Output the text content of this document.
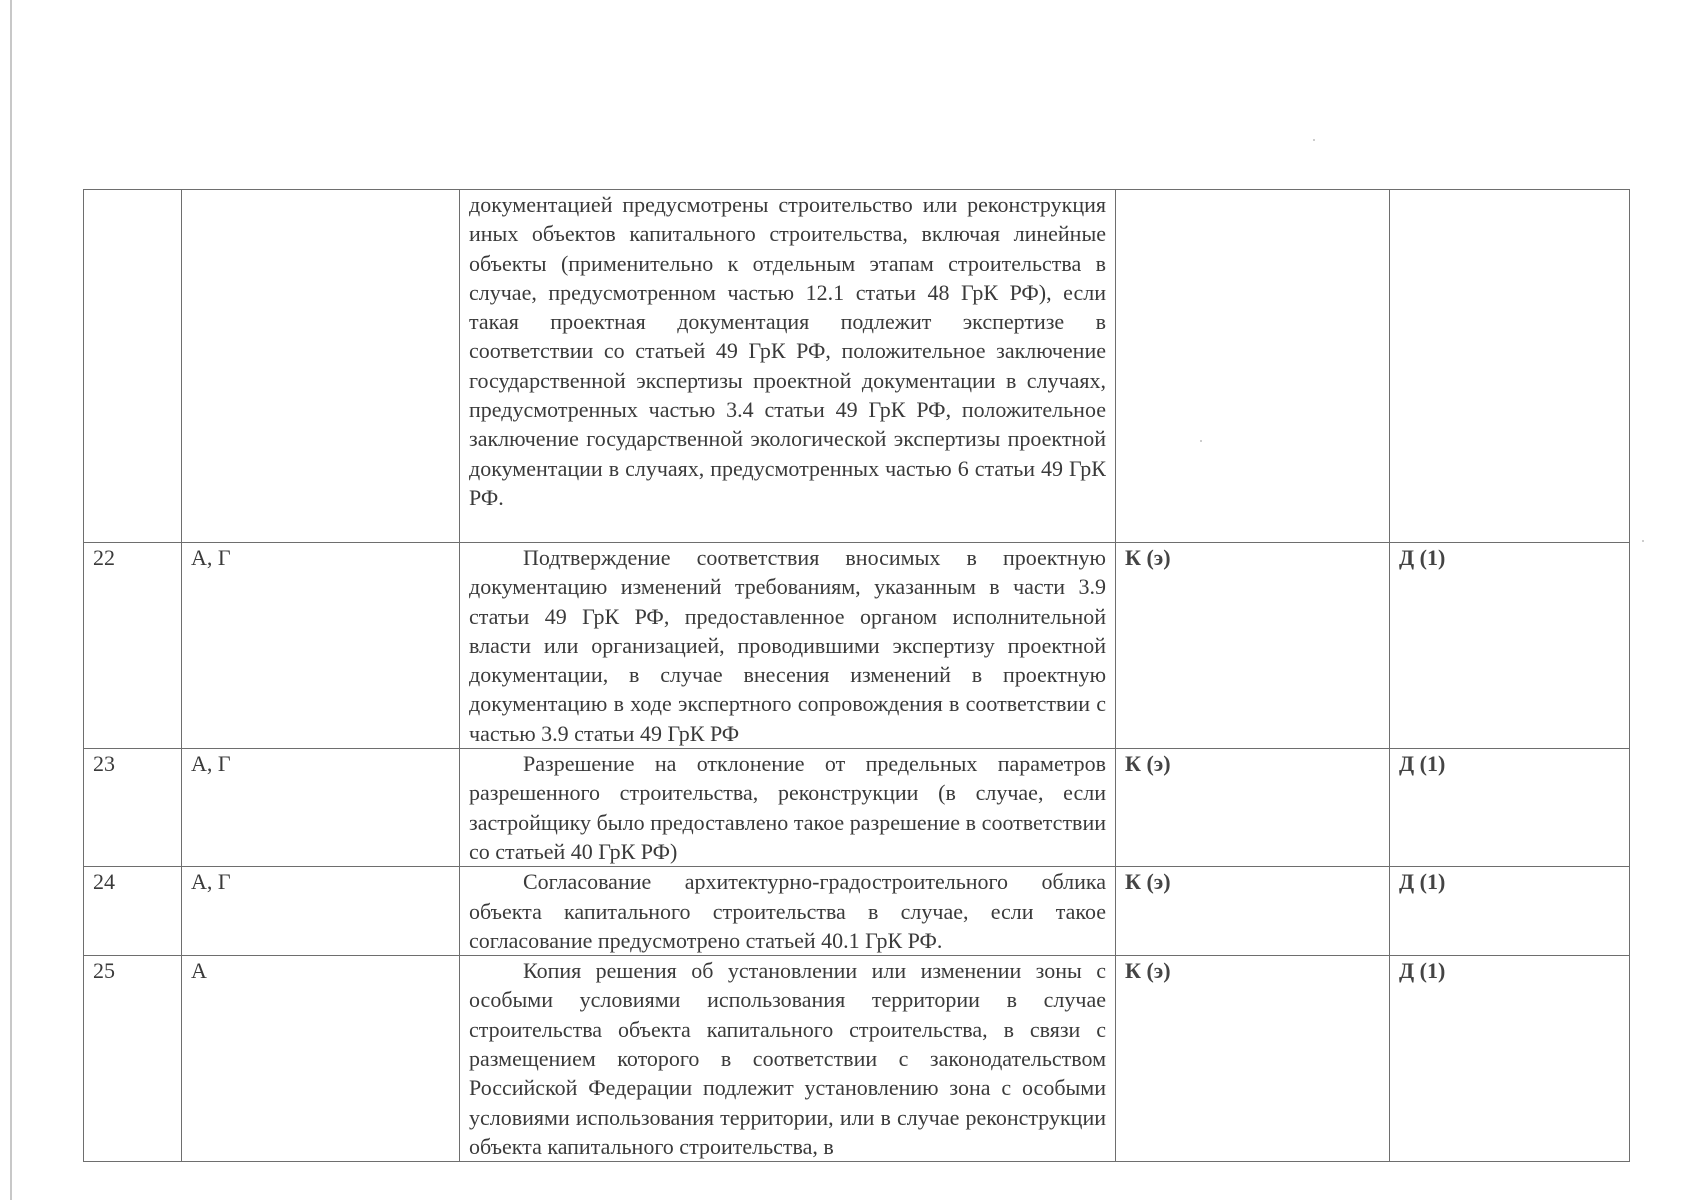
		документацией предусмотрены строительство или реконструкция иных объектов капитального строительства, включая линейные объекты (применительно к отдельным этапам строительства в случае, предусмотренном частью 12.1 статьи 48 ГрК РФ), если такая проектная документация подлежит экспертизе в соответствии со статьей 49 ГрК РФ, положительное заключение государственной экспертизы проектной документации в случаях, предусмотренных частью 3.4 статьи 49 ГрК РФ, положительное заключение государственной экологической экспертизы проектной документации в случаях, предусмотренных частью 6 статьи 49 ГрК РФ.		
22	А, Г	Подтверждение соответствия вносимых в проектную документацию изменений требованиям, указанным в части 3.9 статьи 49 ГрК РФ, предоставленное органом исполнительной власти или организацией, проводившими экспертизу проектной документации, в случае внесения изменений в проектную документацию в ходе экспертного сопровождения в соответствии с частью 3.9 статьи 49 ГрК РФ	К (э)	Д (1)
23	А, Г	Разрешение на отклонение от предельных параметров разрешенного строительства, реконструкции (в случае, если застройщику было предоставлено такое разрешение в соответствии со статьей 40 ГрК РФ)	К (э)	Д (1)
24	А, Г	Согласование архитектурно-градостроительного облика объекта капитального строительства в случае, если такое согласование предусмотрено статьей 40.1 ГрК РФ.	К (э)	Д (1)
25	А	Копия решения об установлении или изменении зоны с особыми условиями использования территории в случае строительства объекта капитального строительства, в связи с размещением которого в соответствии с законодательством Российской Федерации подлежит установлению зона с особыми условиями использования территории, или в случае реконструкции объекта капитального строительства, в	К (э)	Д (1)
